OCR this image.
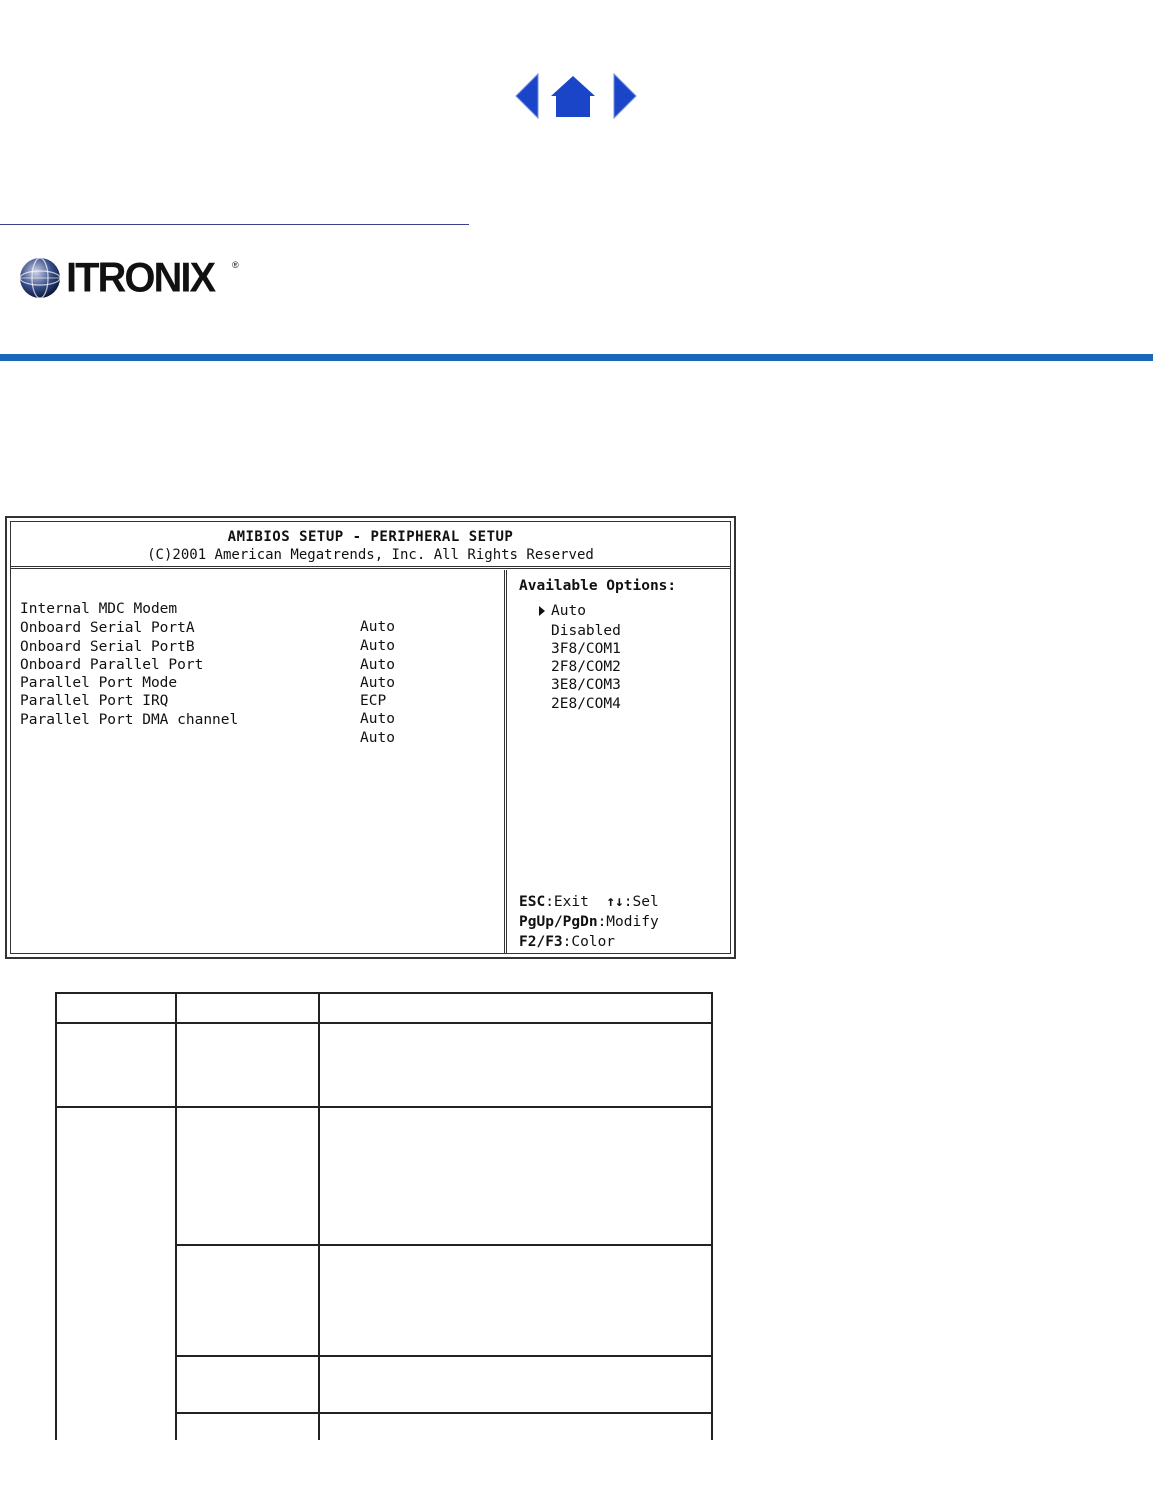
ITRONIX ®
AMIBIOS SETUP - PERIPHERAL SETUP
(C)2001 American Megatrends, Inc. All Rights Reserved

Internal MDC Modem

Auto

Onboard Serial PortA

Auto

Onboard Serial PortB

Auto

Onboard Parallel Port

Auto

Parallel Port Mode

ECP

Parallel Port IRQ

Auto

Parallel Port DMA channel

Auto

Available Options:
Auto
Disabled
3F8/COM1
2F8/COM2
3E8/COM3
2E8/COM4
ESC:Exit ↑↓:Sel
PgUp/PgDn:Modify
F2/F3:Color
